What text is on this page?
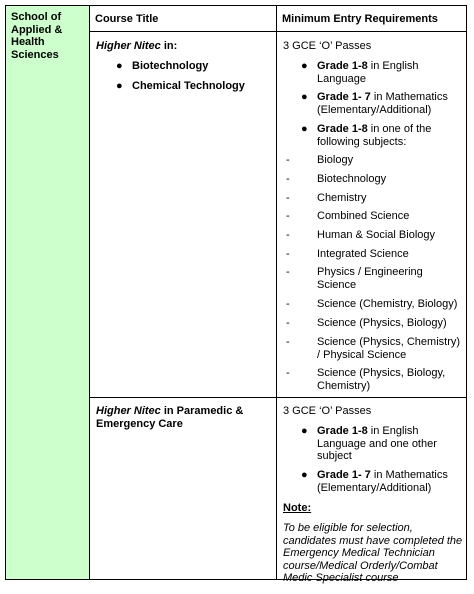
School of Applied & Health Sciences
Course Title	Minimum Entry Requirements
Higher Nitec in:
● Biotechnology
● Chemical Technology
3 GCE ‘O’ Passes
● Grade 1-8 in English Language
● Grade 1- 7 in Mathematics (Elementary/Additional)
● Grade 1-8 in one of the following subjects:
- Biology
- Biotechnology
- Chemistry
- Combined Science
- Human & Social Biology
- Integrated Science
- Physics / Engineering Science
- Science (Chemistry, Biology)
- Science (Physics, Biology)
- Science (Physics, Chemistry) / Physical Science
- Science (Physics, Biology, Chemistry)
Higher Nitec in Paramedic & Emergency Care
3 GCE ‘O’ Passes
● Grade 1-8 in English Language and one other subject
● Grade 1- 7 in Mathematics (Elementary/Additional)
Note:
To be eligible for selection, candidates must have completed the Emergency Medical Technician course/Medical Orderly/Combat Medic Specialist course
